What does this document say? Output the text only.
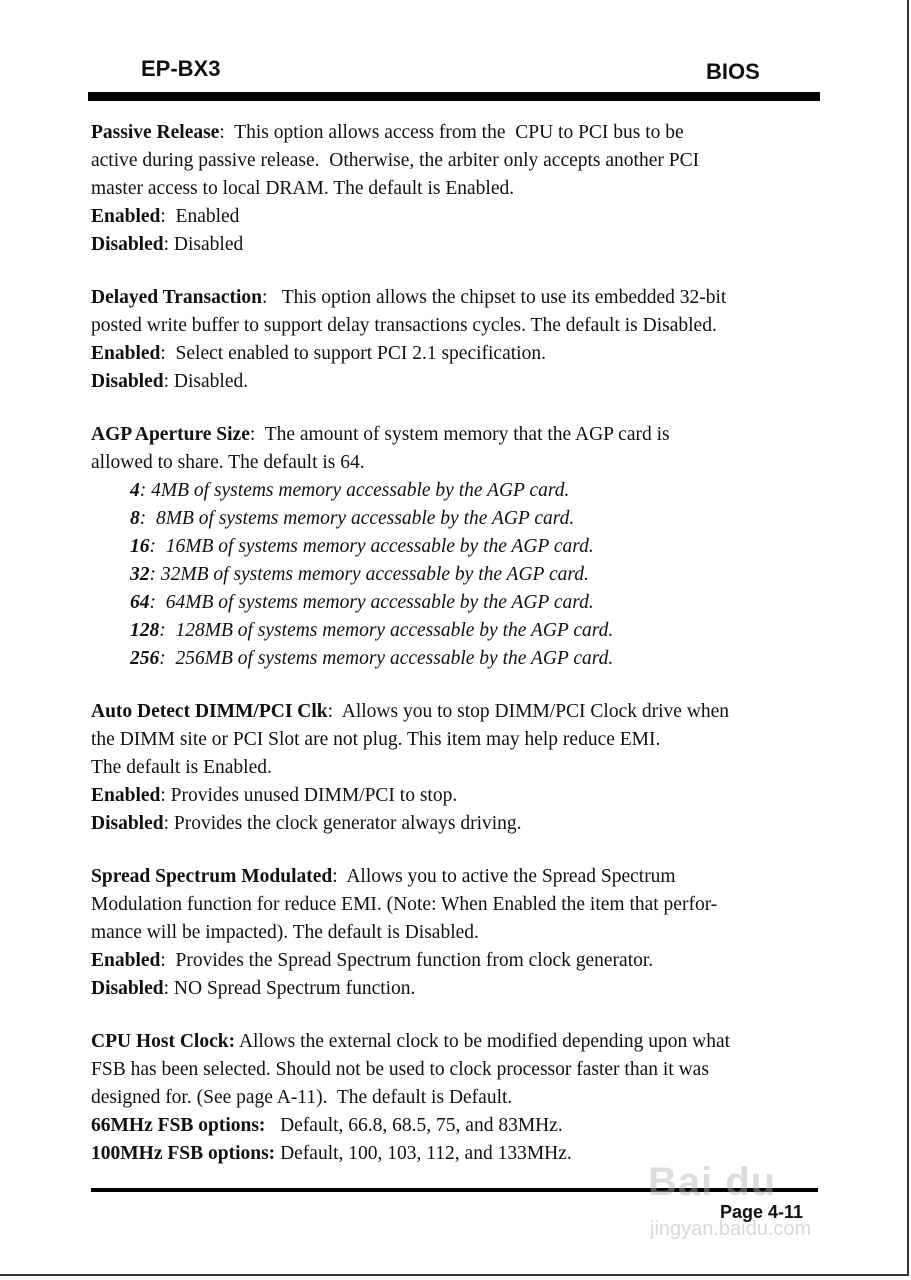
EP-BX3	BIOS
Passive Release:  This option allows access from the  CPU to PCI bus to be
active during passive release.  Otherwise, the arbiter only accepts another PCI
master access to local DRAM. The default is Enabled.
Enabled:  Enabled
Disabled: Disabled
Delayed Transaction:   This option allows the chipset to use its embedded 32-bit
posted write buffer to support delay transactions cycles. The default is Disabled.
Enabled:  Select enabled to support PCI 2.1 specification.
Disabled: Disabled.
AGP Aperture Size:  The amount of system memory that the AGP card is
allowed to share. The default is 64.
4: 4MB of systems memory accessable by the AGP card.
8:  8MB of systems memory accessable by the AGP card.
16:  16MB of systems memory accessable by the AGP card.
32: 32MB of systems memory accessable by the AGP card.
64:  64MB of systems memory accessable by the AGP card.
128:  128MB of systems memory accessable by the AGP card.
256:  256MB of systems memory accessable by the AGP card.
Auto Detect DIMM/PCI Clk:  Allows you to stop DIMM/PCI Clock drive when
the DIMM site or PCI Slot are not plug. This item may help reduce EMI.
The default is Enabled.
Enabled: Provides unused DIMM/PCI to stop.
Disabled: Provides the clock generator always driving.
Spread Spectrum Modulated:  Allows you to active the Spread Spectrum
Modulation function for reduce EMI. (Note: When Enabled the item that perfor-
mance will be impacted). The default is Disabled.
Enabled:  Provides the Spread Spectrum function from clock generator.
Disabled: NO Spread Spectrum function.
CPU Host Clock: Allows the external clock to be modified depending upon what
FSB has been selected. Should not be used to clock processor faster than it was
designed for. (See page A-11).  The default is Default.
66MHz FSB options:   Default, 66.8, 68.5, 75, and 83MHz.
100MHz FSB options: Default, 100, 103, 112, and 133MHz.
Bai du
jingyan.baidu.com
Page 4-11
